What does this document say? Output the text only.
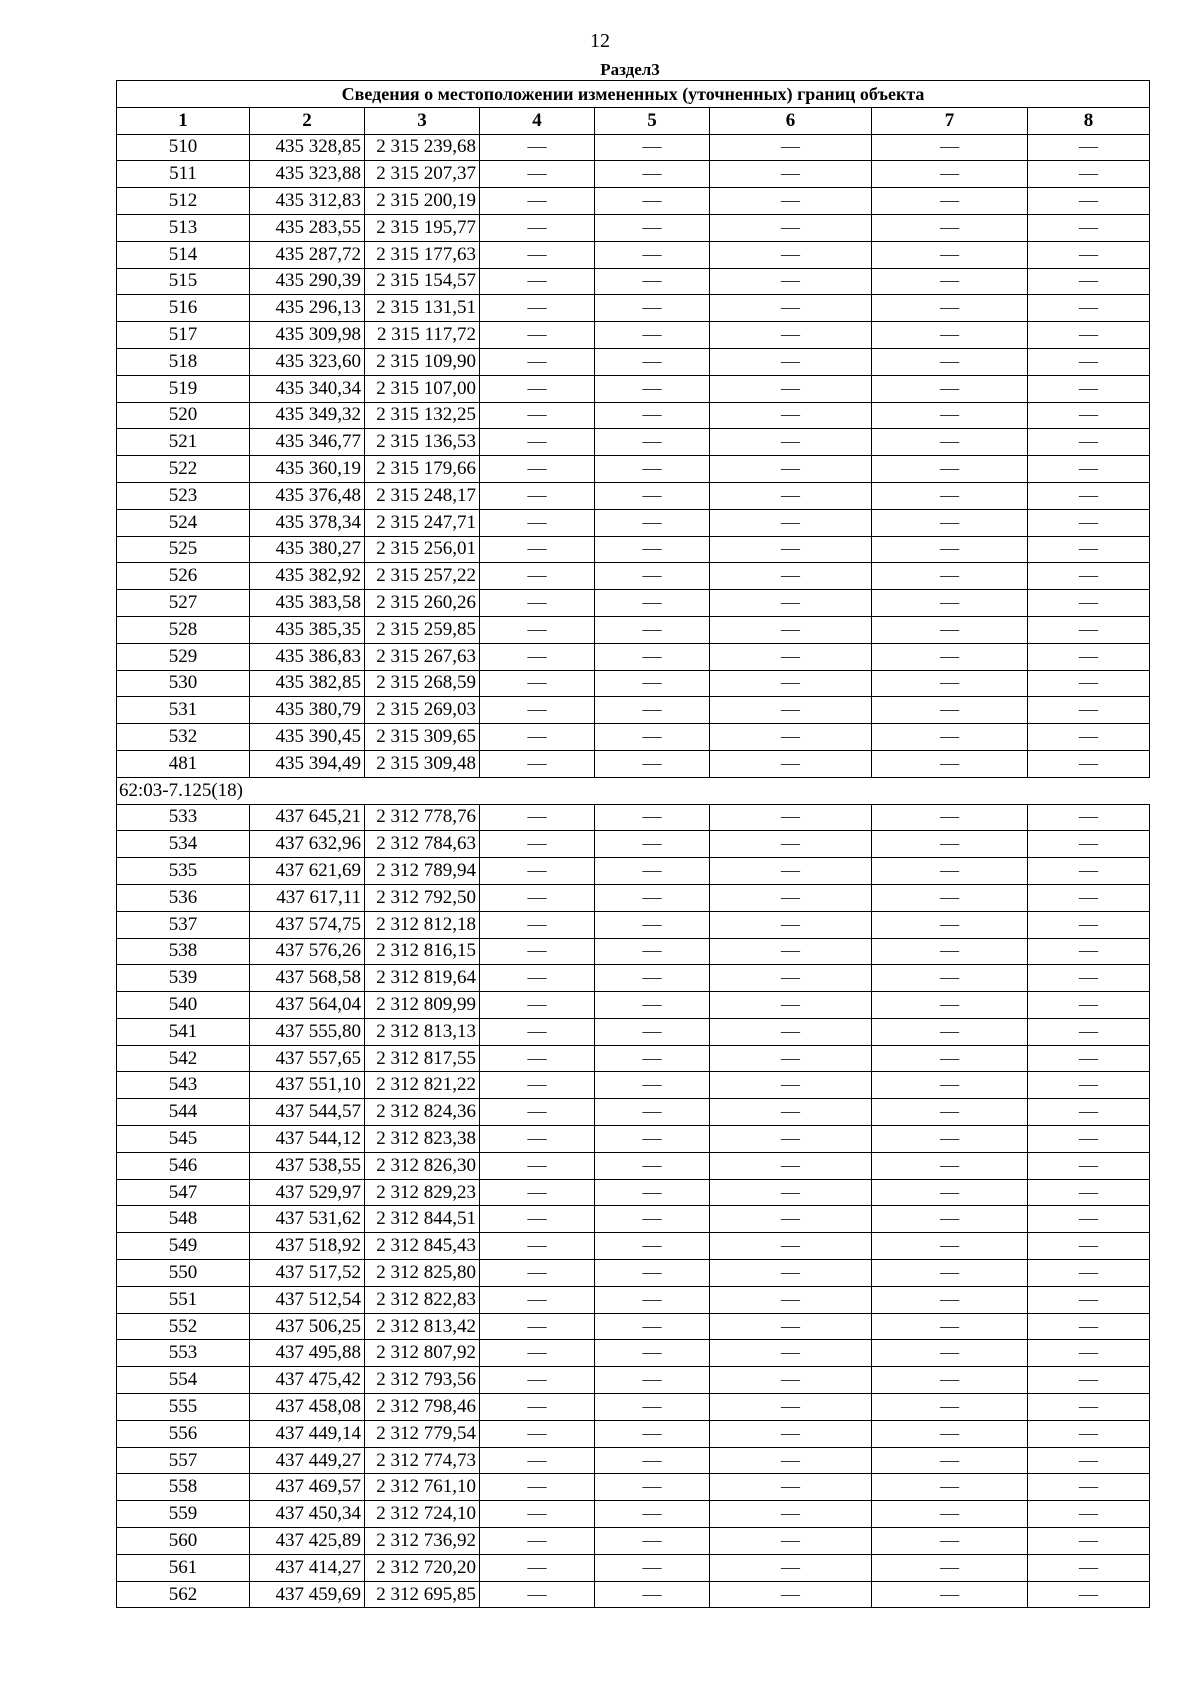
12
Раздел3
Сведения о местоположении измененных (уточненных) границ объекта							
1	2	3	4	5	6	7	8
510	435 328,85	2 315 239,68	—	—	—	—	—
511	435 323,88	2 315 207,37	—	—	—	—	—
512	435 312,83	2 315 200,19	—	—	—	—	—
513	435 283,55	2 315 195,77	—	—	—	—	—
514	435 287,72	2 315 177,63	—	—	—	—	—
515	435 290,39	2 315 154,57	—	—	—	—	—
516	435 296,13	2 315 131,51	—	—	—	—	—
517	435 309,98	2 315 117,72	—	—	—	—	—
518	435 323,60	2 315 109,90	—	—	—	—	—
519	435 340,34	2 315 107,00	—	—	—	—	—
520	435 349,32	2 315 132,25	—	—	—	—	—
521	435 346,77	2 315 136,53	—	—	—	—	—
522	435 360,19	2 315 179,66	—	—	—	—	—
523	435 376,48	2 315 248,17	—	—	—	—	—
524	435 378,34	2 315 247,71	—	—	—	—	—
525	435 380,27	2 315 256,01	—	—	—	—	—
526	435 382,92	2 315 257,22	—	—	—	—	—
527	435 383,58	2 315 260,26	—	—	—	—	—
528	435 385,35	2 315 259,85	—	—	—	—	—
529	435 386,83	2 315 267,63	—	—	—	—	—
530	435 382,85	2 315 268,59	—	—	—	—	—
531	435 380,79	2 315 269,03	—	—	—	—	—
532	435 390,45	2 315 309,65	—	—	—	—	—
481	435 394,49	2 315 309,48	—	—	—	—	—
62:03-7.125(18)							
533	437 645,21	2 312 778,76	—	—	—	—	—
534	437 632,96	2 312 784,63	—	—	—	—	—
535	437 621,69	2 312 789,94	—	—	—	—	—
536	437 617,11	2 312 792,50	—	—	—	—	—
537	437 574,75	2 312 812,18	—	—	—	—	—
538	437 576,26	2 312 816,15	—	—	—	—	—
539	437 568,58	2 312 819,64	—	—	—	—	—
540	437 564,04	2 312 809,99	—	—	—	—	—
541	437 555,80	2 312 813,13	—	—	—	—	—
542	437 557,65	2 312 817,55	—	—	—	—	—
543	437 551,10	2 312 821,22	—	—	—	—	—
544	437 544,57	2 312 824,36	—	—	—	—	—
545	437 544,12	2 312 823,38	—	—	—	—	—
546	437 538,55	2 312 826,30	—	—	—	—	—
547	437 529,97	2 312 829,23	—	—	—	—	—
548	437 531,62	2 312 844,51	—	—	—	—	—
549	437 518,92	2 312 845,43	—	—	—	—	—
550	437 517,52	2 312 825,80	—	—	—	—	—
551	437 512,54	2 312 822,83	—	—	—	—	—
552	437 506,25	2 312 813,42	—	—	—	—	—
553	437 495,88	2 312 807,92	—	—	—	—	—
554	437 475,42	2 312 793,56	—	—	—	—	—
555	437 458,08	2 312 798,46	—	—	—	—	—
556	437 449,14	2 312 779,54	—	—	—	—	—
557	437 449,27	2 312 774,73	—	—	—	—	—
558	437 469,57	2 312 761,10	—	—	—	—	—
559	437 450,34	2 312 724,10	—	—	—	—	—
560	437 425,89	2 312 736,92	—	—	—	—	—
561	437 414,27	2 312 720,20	—	—	—	—	—
562	437 459,69	2 312 695,85	—	—	—	—	—
